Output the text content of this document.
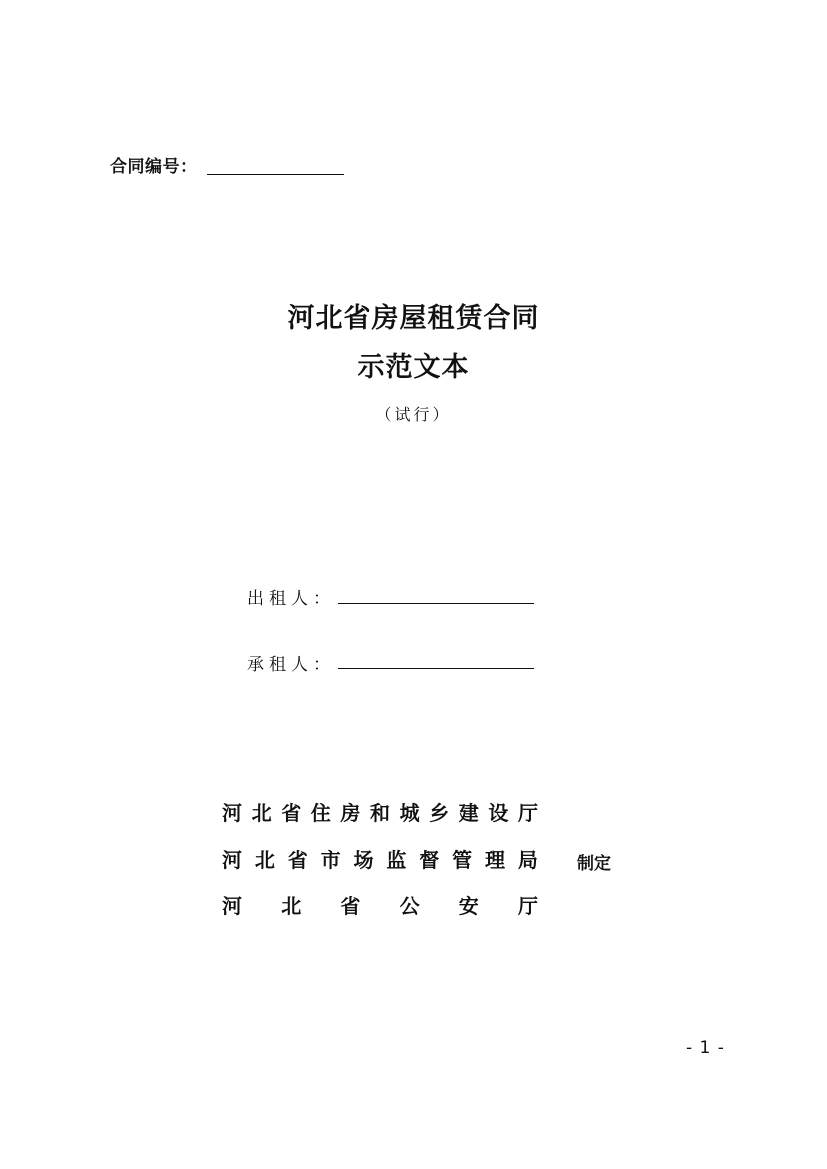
合同编号：
河北省房屋租赁合同
示范文本
（试行）
出租人：
承租人：
河 北 省 住 房 和 城 乡 建 设 厅
河 北 省 市 场 监 督 管 理 局 制定
河 北 省 公 安 厅
- 1 -
